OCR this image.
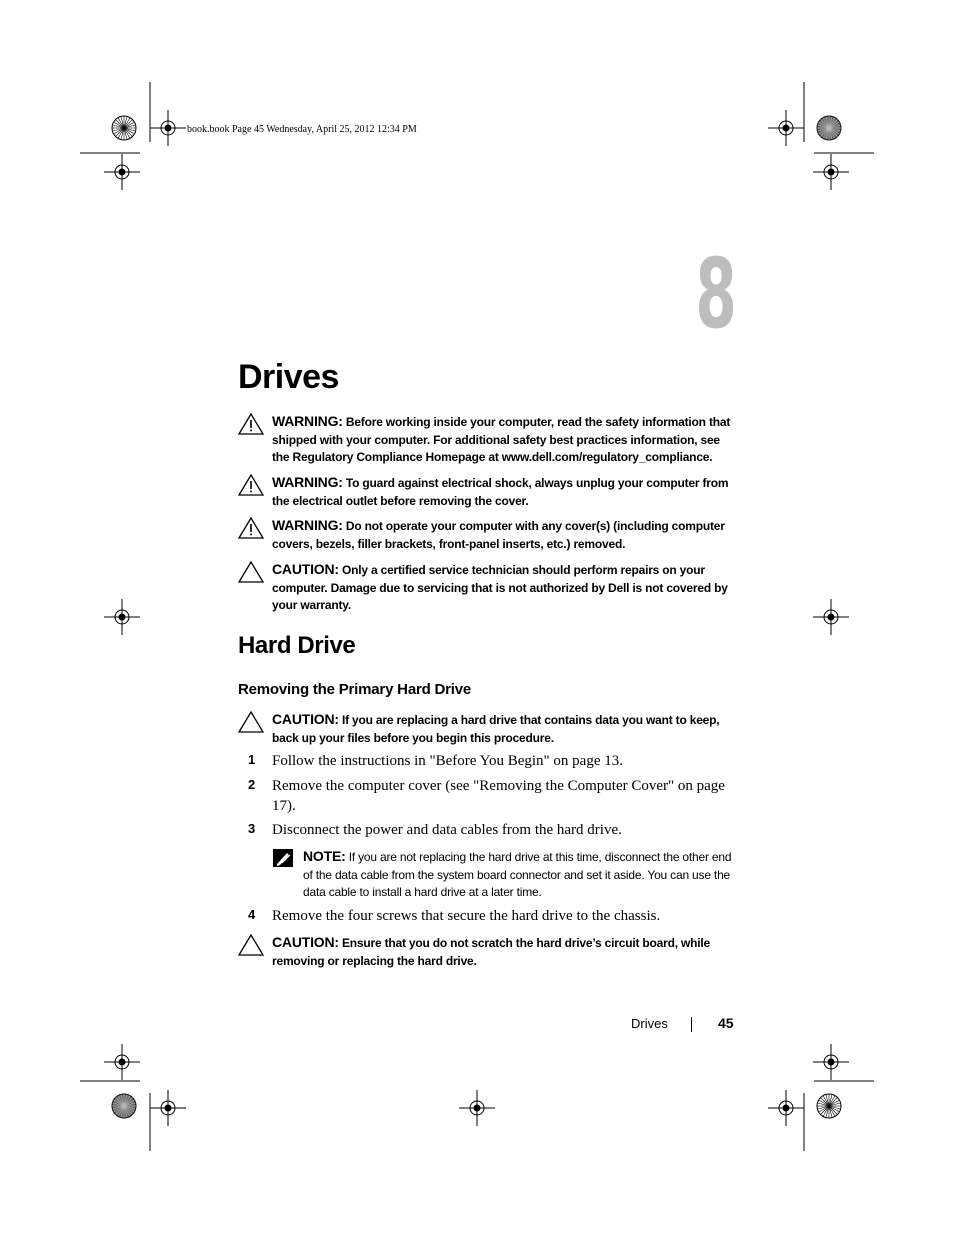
book.book Page 45 Wednesday, April 25, 2012 12:34 PM
8
Drives
WARNING: Before working inside your computer, read the safety information that shipped with your computer. For additional safety best practices information, see the Regulatory Compliance Homepage at www.dell.com/regulatory_compliance.
WARNING: To guard against electrical shock, always unplug your computer from the electrical outlet before removing the cover.
WARNING: Do not operate your computer with any cover(s) (including computer covers, bezels, filler brackets, front-panel inserts, etc.) removed.
CAUTION: Only a certified service technician should perform repairs on your computer. Damage due to servicing that is not authorized by Dell is not covered by your warranty.
Hard Drive
Removing the Primary Hard Drive
CAUTION: If you are replacing a hard drive that contains data you want to keep, back up your files before you begin this procedure.
1 Follow the instructions in "Before You Begin" on page 13.
2 Remove the computer cover (see "Removing the Computer Cover" on page 17).
3 Disconnect the power and data cables from the hard drive.
NOTE: If you are not replacing the hard drive at this time, disconnect the other end of the data cable from the system board connector and set it aside. You can use the data cable to install a hard drive at a later time.
4 Remove the four screws that secure the hard drive to the chassis.
CAUTION: Ensure that you do not scratch the hard drive’s circuit board, while removing or replacing the hard drive.
Drives	45
